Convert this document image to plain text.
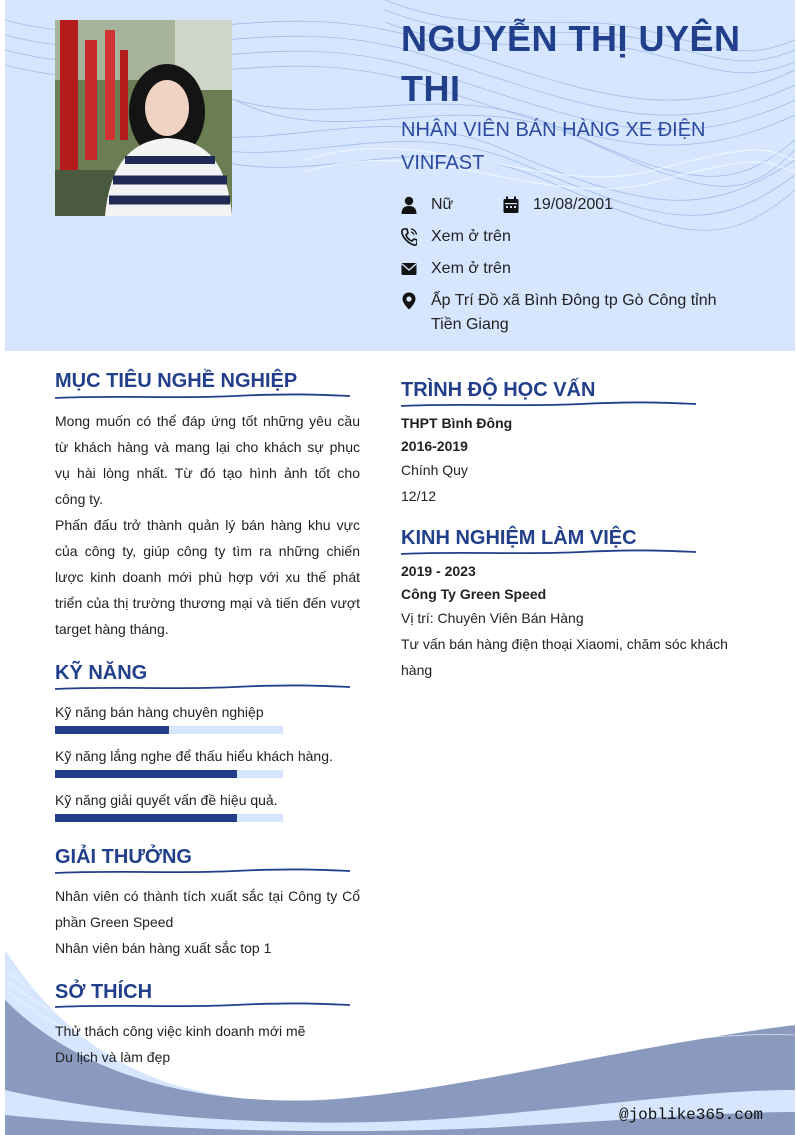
NGUYỄN THỊ UYÊN THI
NHÂN VIÊN BÁN HÀNG XE ĐIỆN VINFAST
Nữ	19/08/2001
Xem ở trên
Xem ở trên
Ấp Trí Đồ xã Bình Đông tp Gò Công tỉnh Tiền Giang
MỤC TIÊU NGHỀ NGHIỆP

Mong muốn có thể đáp ứng tốt những yêu cầu từ khách hàng và mang lại cho khách sự phục vụ hài lòng nhất. Từ đó tạo hình ảnh tốt cho công ty.

Phấn đấu trở thành quản lý bán hàng khu vực của công ty, giúp công ty tìm ra những chiến lược kinh doanh mới phù hợp với xu thế phát triển của thị trường thương mại và tiến đến vượt target hàng tháng.

KỸ NĂNG
Kỹ năng bán hàng chuyên nghiệp
Kỹ năng lắng nghe để thấu hiểu khách hàng.
Kỹ năng giải quyết vấn đề hiệu quả.
GIẢI THƯỞNG

Nhân viên có thành tích xuất sắc tại Công ty Cổ phần Green Speed

Nhân viên bán hàng xuất sắc top 1

SỞ THÍCH
Thử thách công việc kinh doanh mới mẽ
Du lịch và làm đẹp
TRÌNH ĐỘ HỌC VẤN
THPT Bình Đông
2016-2019
Chính Quy
12/12
KINH NGHIỆM LÀM VIỆC
2019 - 2023
Công Ty Green Speed
Vị trí: Chuyên Viên Bán Hàng
Tư vấn bán hàng điện thoại Xiaomi, chăm sóc khách hàng
@joblike365.com
